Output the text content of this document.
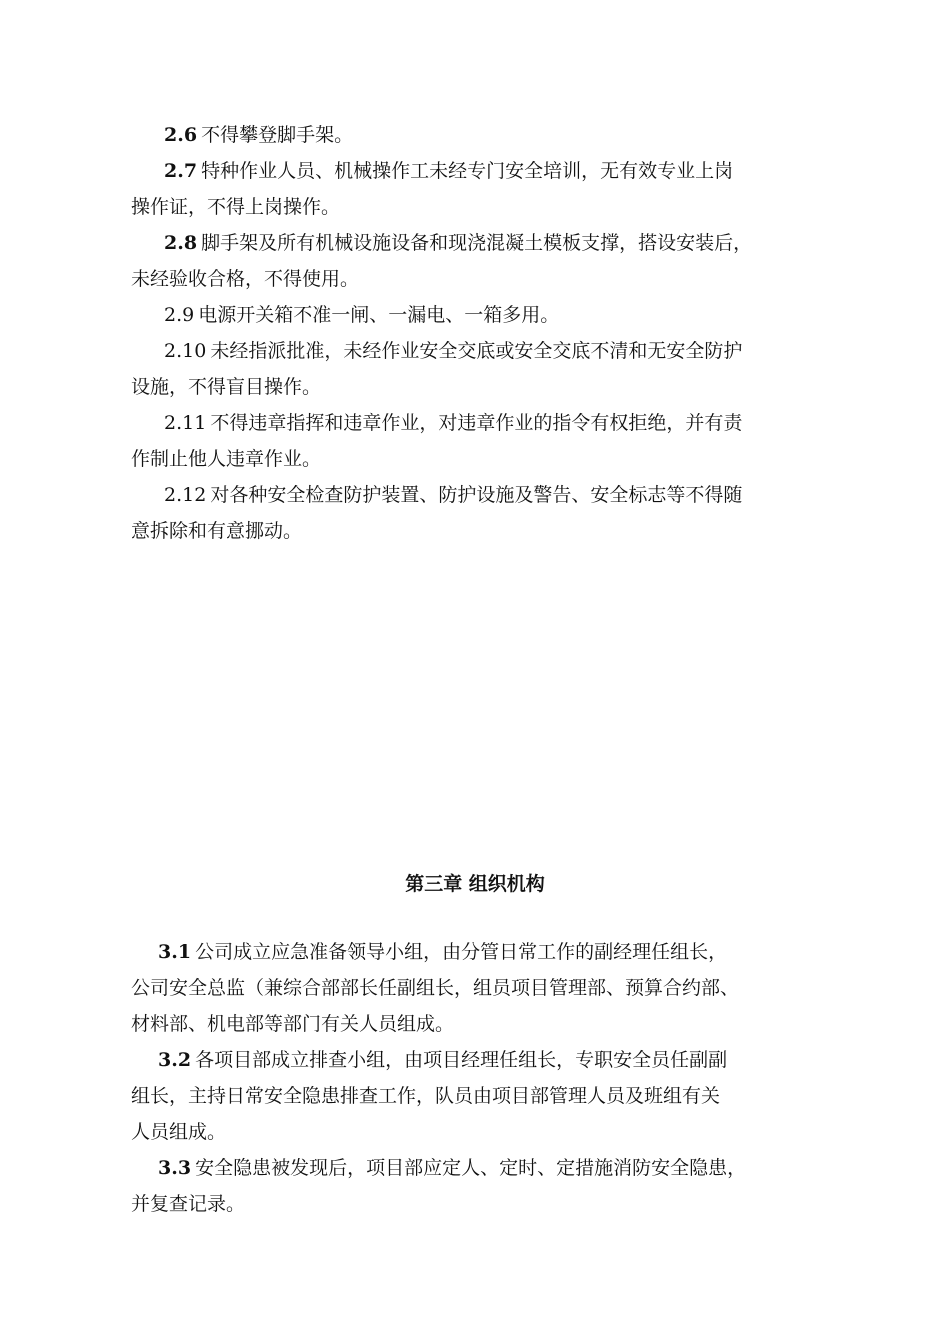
2.6 不得攀登脚手架。
2.7 特种作业人员、机械操作工未经专门安全培训，无有效专业上岗
操作证，不得上岗操作。
2.8 脚手架及所有机械设施设备和现浇混凝土模板支撑，搭设安装后，
未经验收合格，不得使用。
2.9 电源开关箱不准一闸、一漏电、一箱多用。
2.10 未经指派批准，未经作业安全交底或安全交底不清和无安全防护
设施，不得盲目操作。
2.11 不得违章指挥和违章作业，对违章作业的指令有权拒绝，并有责
作制止他人违章作业。
2.12 对各种安全检查防护装置、防护设施及警告、安全标志等不得随
意拆除和有意挪动。
第三章 组织机构
3.1 公司成立应急准备领导小组，由分管日常工作的副经理任组长，
公司安全总监（兼综合部部长任副组长，组员项目管理部、预算合约部、
材料部、机电部等部门有关人员组成。
3.2 各项目部成立排查小组，由项目经理任组长，专职安全员任副副
组长，主持日常安全隐患排查工作，队员由项目部管理人员及班组有关
人员组成。
3.3 安全隐患被发现后，项目部应定人、定时、定措施消防安全隐患，
并复查记录。
